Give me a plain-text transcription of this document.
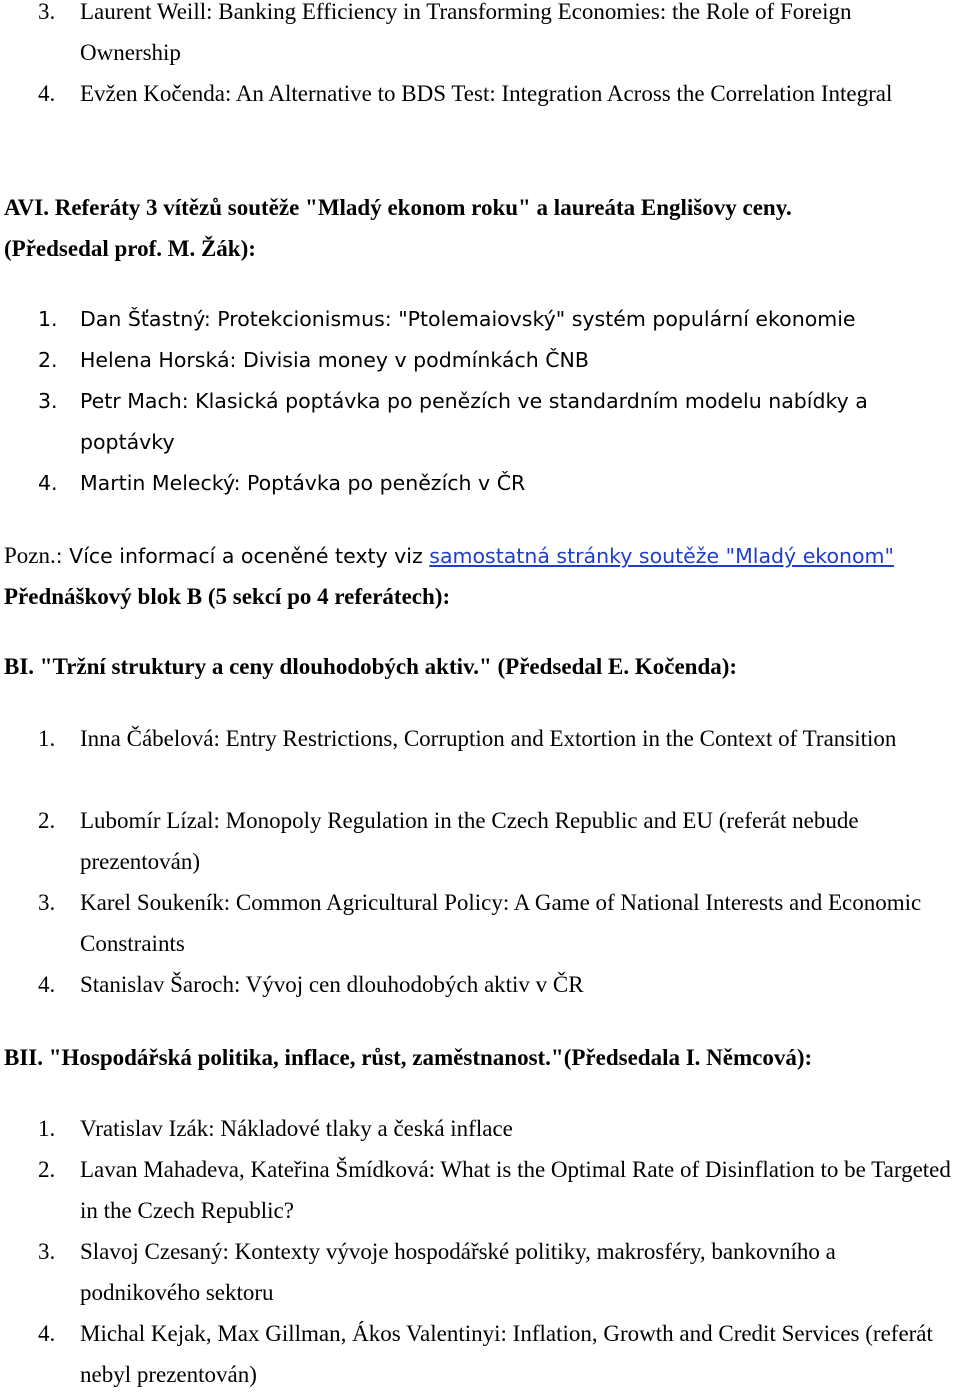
3.	Laurent Weill: Banking Efficiency in Transforming Economies: the Role of Foreign Ownership
4.	Evžen Kočenda: An Alternative to BDS Test: Integration Across the Correlation Integral
AVI. Referáty 3 vítězů soutěže "Mladý ekonom roku" a laureáta Englišovy ceny.
(Předsedal prof. M. Žák):
1.	Dan Šťastný: Protekcionismus: "Ptolemaiovský" systém populární ekonomie
2.	Helena Horská: Divisia money v podmínkách ČNB
3.	Petr Mach: Klasická poptávka po penězích ve standardním modelu nabídky a poptávky
4.	Martin Melecký: Poptávka po penězích v ČR
Pozn.: Více informací a oceněné texty viz samostatná stránky soutěže "Mladý ekonom"
Přednáškový blok B (5 sekcí po 4 referátech):
BI. "Tržní struktury a ceny dlouhodobých aktiv." (Předsedal E. Kočenda):
1.	Inna Čábelová: Entry Restrictions, Corruption and Extortion in the Context of Transition
2.	Lubomír Lízal: Monopoly Regulation in the Czech Republic and EU (referát nebude prezentován)
3.	Karel Soukeník: Common Agricultural Policy: A Game of National Interests and Economic Constraints
4.	Stanislav Šaroch: Vývoj cen dlouhodobých aktiv v ČR
BII. "Hospodářská politika, inflace, růst, zaměstnanost."(Předsedala I. Němcová):
1.	Vratislav Izák: Nákladové tlaky a česká inflace
2.	Lavan Mahadeva, Kateřina Šmídková: What is the Optimal Rate of Disinflation to be Targeted in the Czech Republic?
3.	Slavoj Czesaný: Kontexty vývoje hospodářské politiky, makrosféry, bankovního a podnikového sektoru
4.	Michal Kejak, Max Gillman, Ákos Valentinyi: Inflation, Growth and Credit Services (referát nebyl prezentován)
